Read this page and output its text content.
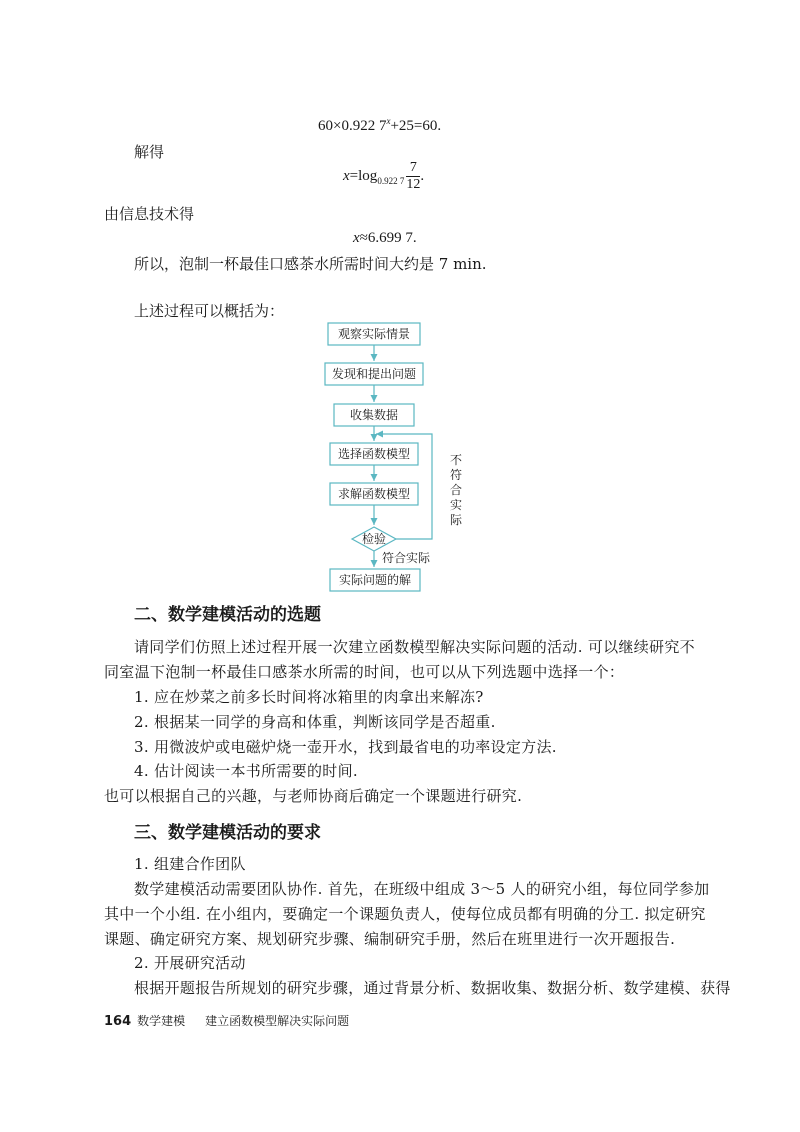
60×0.922 $7^x+25=60$.
解得
$x=\log_{0.922 7} \frac{7}{12}$ .
由信息技术得
x≈6.699 7.
所以，泡制一杯最佳口感茶水所需时间大约是 7 min.
上述过程可以概括为：
观察实际情景
发现和提出问题
收集数据
选择函数模型
求解函数模型
检验
实际问题的解
符合实际
不
符
合
实
际
二、数学建模活动的选题
请同学们仿照上述过程开展一次建立函数模型解决实际问题的活动. 可以继续研究不
同室温下泡制一杯最佳口感茶水所需的时间，也可以从下列选题中选择一个：
1. 应在炒菜之前多长时间将冰箱里的肉拿出来解冻?
2. 根据某一同学的身高和体重，判断该同学是否超重.
3. 用微波炉或电磁炉烧一壶开水，找到最省电的功率设定方法.
4. 估计阅读一本书所需要的时间.
也可以根据自己的兴趣，与老师协商后确定一个课题进行研究.
三、数学建模活动的要求
1. 组建合作团队
数学建模活动需要团队协作. 首先，在班级中组成 3～5 人的研究小组，每位同学参加
其中一个小组. 在小组内，要确定一个课题负责人，使每位成员都有明确的分工. 拟定研究
课题、确定研究方案、规划研究步骤、编制研究手册，然后在班里进行一次开题报告.
2. 开展研究活动
根据开题报告所规划的研究步骤，通过背景分析、数据收集、数据分析、数学建模、获得
164 数学建模 建立函数模型解决实际问题
